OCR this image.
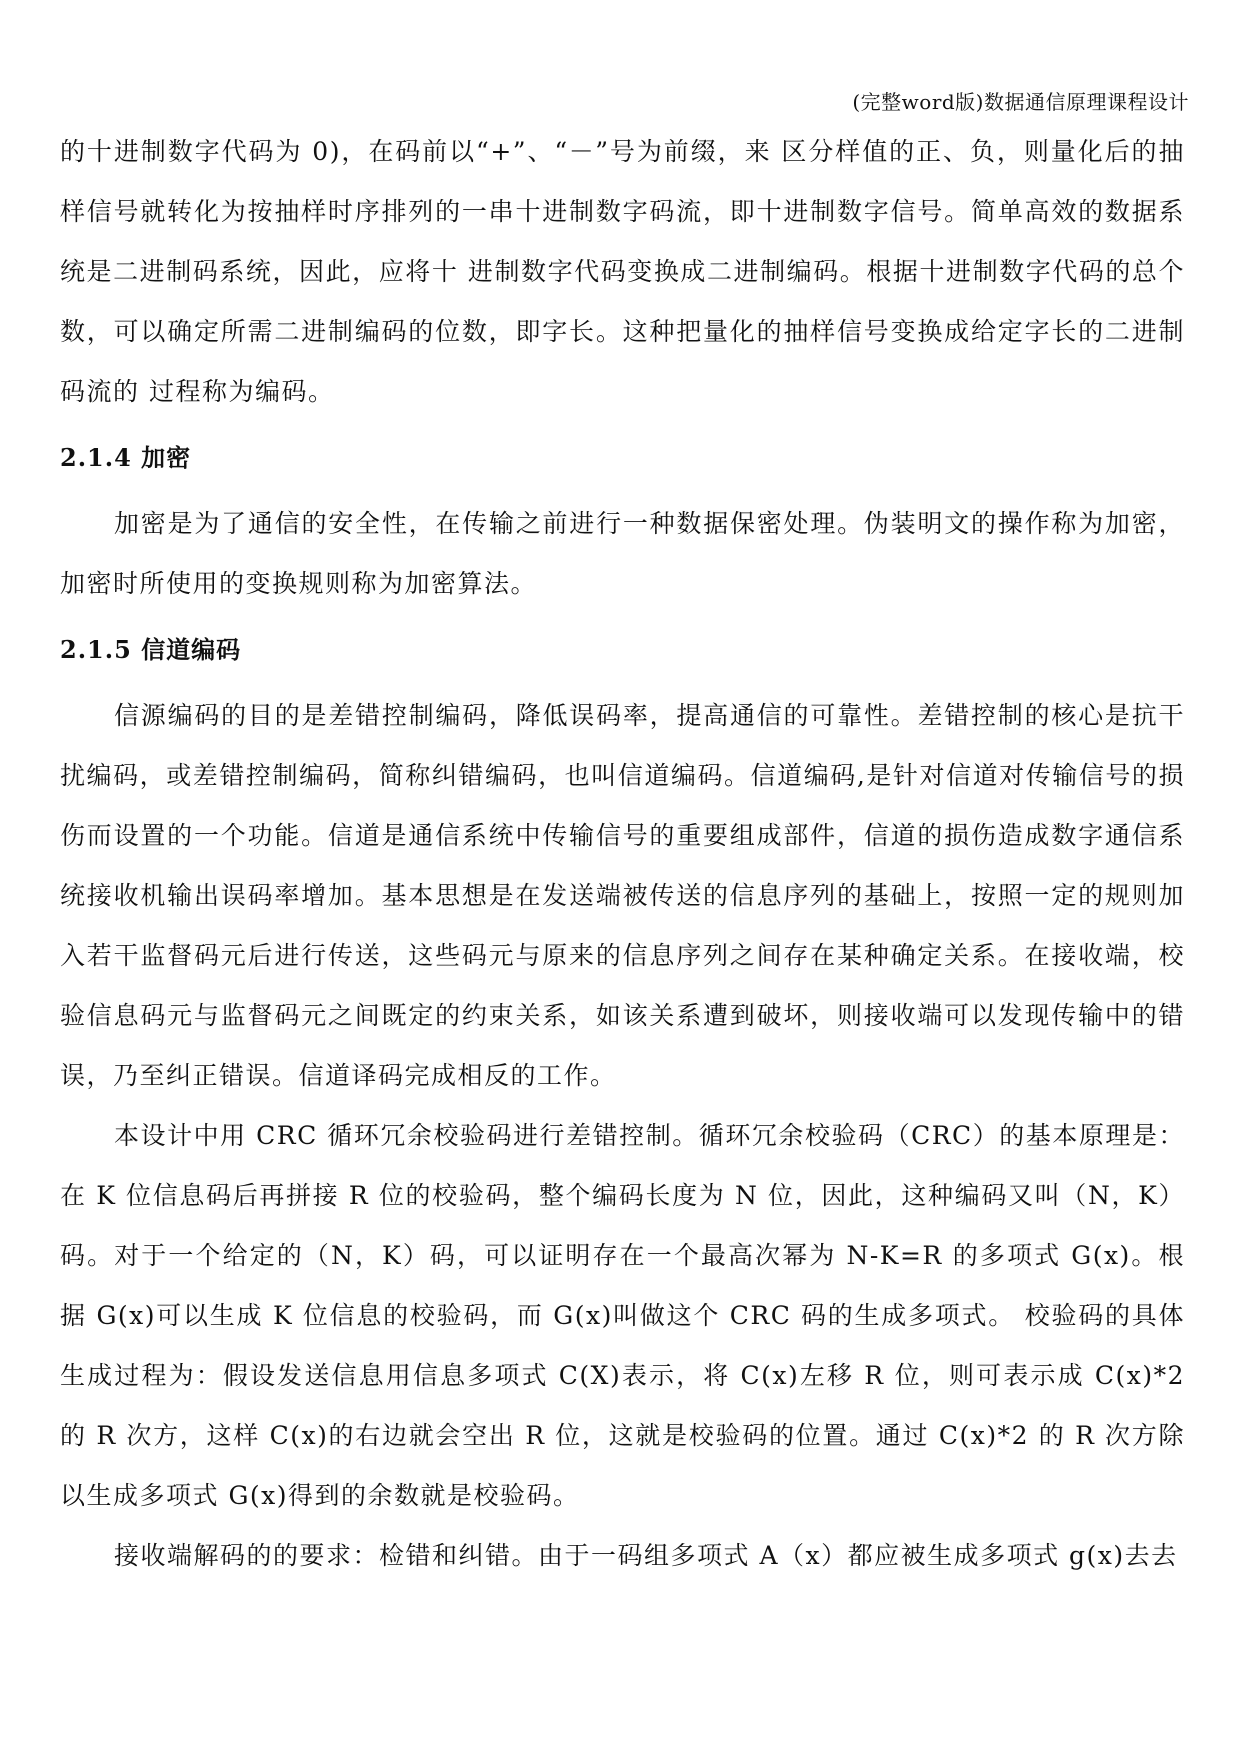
(完整word版)数据通信原理课程设计

的十进制数字代码为 0)，在码前以“+”、“－”号为前缀，来 区分样值的正、负，则量化后的抽样信号就转化为按抽样时序排列的一串十进制数字码流，即十进制数字信号。简单高效的数据系统是二进制码系统，因此，应将十 进制数字代码变换成二进制编码。根据十进制数字代码的总个数，可以确定所需二进制编码的位数，即字长。这种把量化的抽样信号变换成给定字长的二进制码流的 过程称为编码。

2.1.4 加密

加密是为了通信的安全性，在传输之前进行一种数据保密处理。伪装明文的操作称为加密，加密时所使用的变换规则称为加密算法。

2.1.5 信道编码

信源编码的目的是差错控制编码，降低误码率，提高通信的可靠性。差错控制的核心是抗干扰编码，或差错控制编码，简称纠错编码，也叫信道编码。信道编码,是针对信道对传输信号的损伤而设置的一个功能。信道是通信系统中传输信号的重要组成部件，信道的损伤造成数字通信系统接收机输出误码率增加。基本思想是在发送端被传送的信息序列的基础上，按照一定的规则加入若干监督码元后进行传送，这些码元与原来的信息序列之间存在某种确定关系。在接收端，校验信息码元与监督码元之间既定的约束关系，如该关系遭到破坏，则接收端可以发现传输中的错误，乃至纠正错误。信道译码完成相反的工作。

本设计中用 CRC 循环冗余校验码进行差错控制。循环冗余校验码（CRC）的基本原理是：在 K 位信息码后再拼接 R 位的校验码，整个编码长度为 N 位，因此，这种编码又叫（N，K）码。对于一个给定的（N，K）码，可以证明存在一个最高次幂为 N-K=R 的多项式 G(x)。根据 G(x)可以生成 K 位信息的校验码，而 G(x)叫做这个 CRC 码的生成多项式。 校验码的具体生成过程为：假设发送信息用信息多项式 C(X)表示，将 C(x)左移 R 位，则可表示成 C(x)*2 的 R 次方，这样 C(x)的右边就会空出 R 位，这就是校验码的位置。通过 C(x)*2 的 R 次方除以生成多项式 G(x)得到的余数就是校验码。

接收端解码的的要求：检错和纠错。由于一码组多项式 A（x）都应被生成多项式 g(x)去去
